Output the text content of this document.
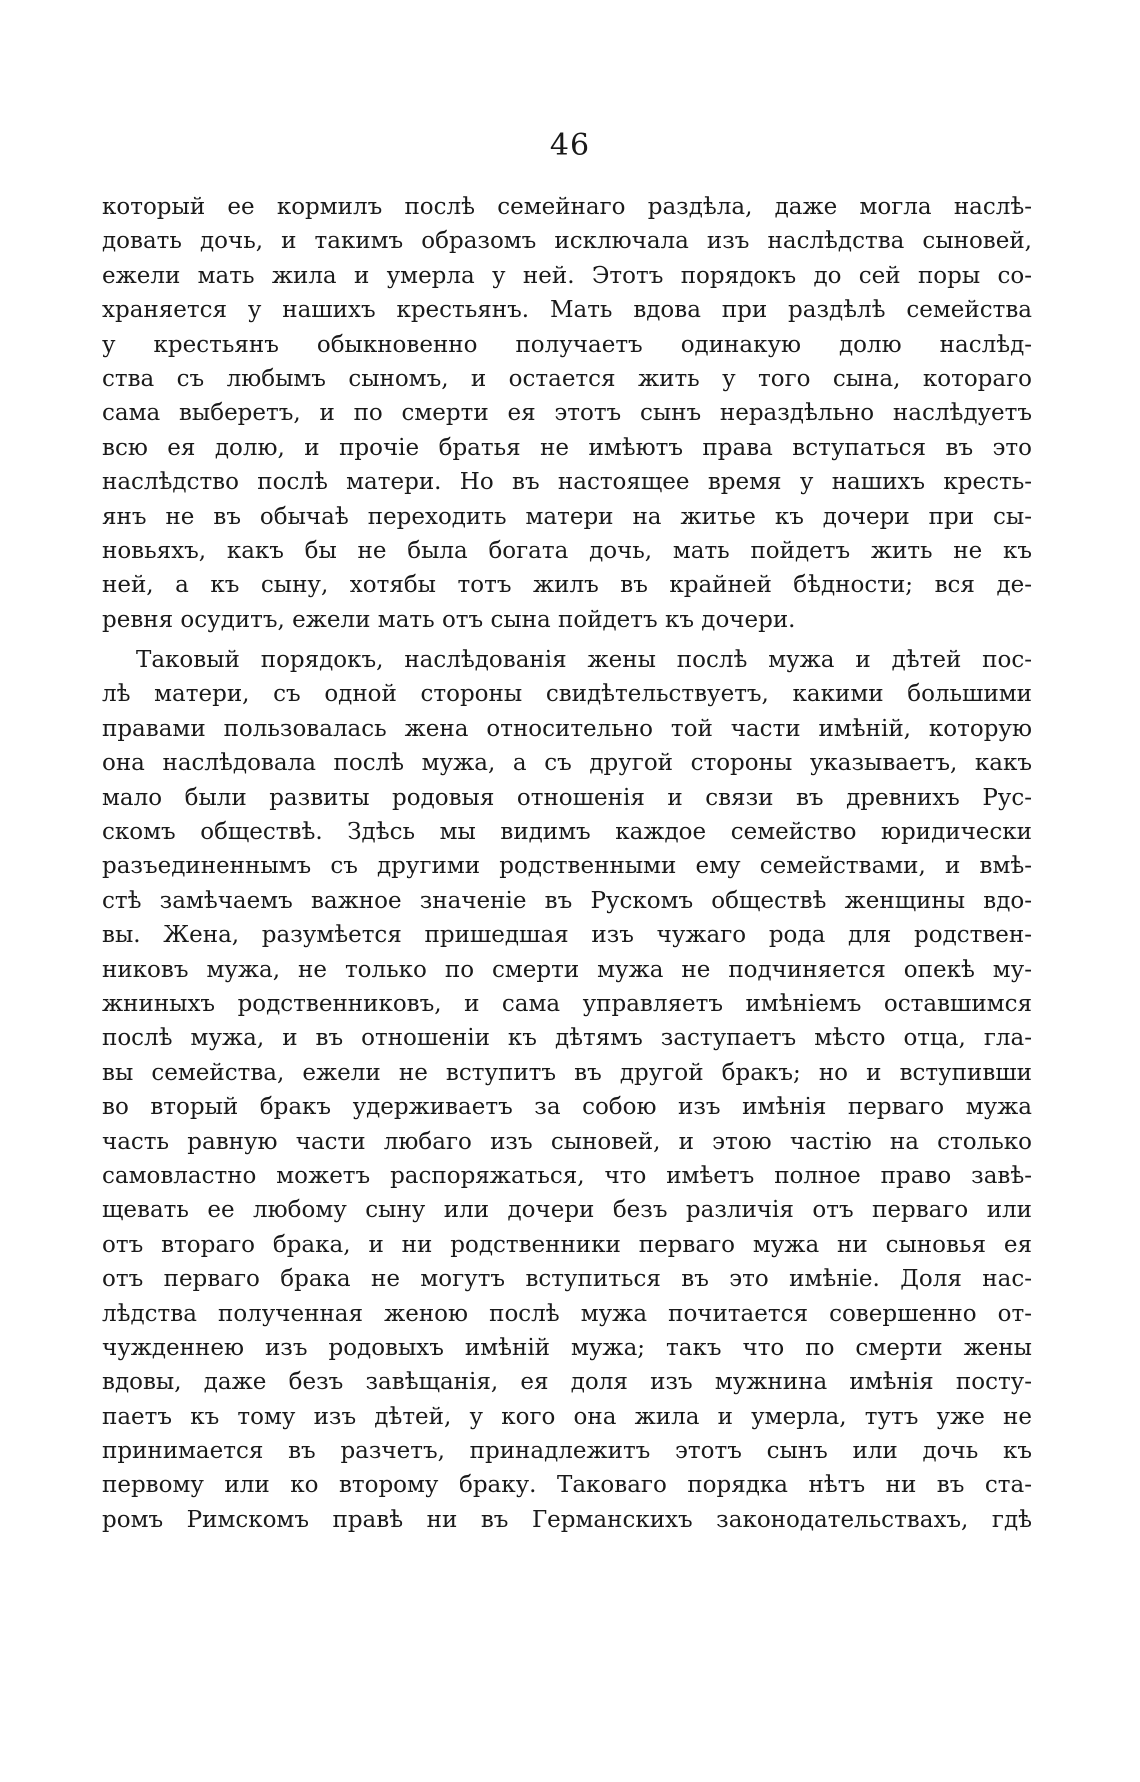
46
который ее кормилъ послѣ семейнаго раздѣла, даже могла наслѣ-
довать дочь, и такимъ образомъ исключала изъ наслѣдства сыновей,
ежели мать жила и умерла у ней. Этотъ порядокъ до сей поры со-
храняется у нашихъ крестьянъ. Мать вдова при раздѣлѣ семейства
у крестьянъ обыкновенно получаетъ одинакую долю наслѣд-
ства съ любымъ сыномъ, и остается жить у того сына, котораго
сама выберетъ, и по смерти ея этотъ сынъ нераздѣльно наслѣдуетъ
всю ея долю, и прочіе братья не имѣютъ права вступаться въ это
наслѣдство послѣ матери. Но въ настоящее время у нашихъ кресть-
янъ не въ обычаѣ переходить матери на житье къ дочери при сы-
новьяхъ, какъ бы не была богата дочь, мать пойдетъ жить не къ
ней, а къ сыну, хотябы тотъ жилъ въ крайней бѣдности; вся де-
ревня осудитъ, ежели мать отъ сына пойдетъ къ дочери.
Таковый порядокъ, наслѣдованія жены послѣ мужа и дѣтей пос-
лѣ матери, съ одной стороны свидѣтельствуетъ, какими большими
правами пользовалась жена относительно той части имѣній, которую
она наслѣдовала послѣ мужа, а съ другой стороны указываетъ, какъ
мало были развиты родовыя отношенія и связи въ древнихъ Рус-
скомъ обществѣ. Здѣсь мы видимъ каждое семейство юридически
разъединеннымъ съ другими родственными ему семействами, и вмѣ-
стѣ замѣчаемъ важное значеніе въ Рускомъ обществѣ женщины вдо-
вы. Жена, разумѣется пришедшая изъ чужаго рода для родствен-
никовъ мужа, не только по смерти мужа не подчиняется опекѣ му-
жниныхъ родственниковъ, и сама управляетъ имѣніемъ оставшимся
послѣ мужа, и въ отношеніи къ дѣтямъ заступаетъ мѣсто отца, гла-
вы семейства, ежели не вступитъ въ другой бракъ; но и вступивши
во вторый бракъ удерживаетъ за собою изъ имѣнія перваго мужа
часть равную части любаго изъ сыновей, и этою частію на столько
самовластно можетъ распоряжаться, что имѣетъ полное право завѣ-
щевать ее любому сыну или дочери безъ различія отъ перваго или
отъ втораго брака, и ни родственники перваго мужа ни сыновья ея
отъ перваго брака не могутъ вступиться въ это имѣніе. Доля нас-
лѣдства полученная женою послѣ мужа почитается совершенно от-
чужденнею изъ родовыхъ имѣній мужа; такъ что по смерти жены
вдовы, даже безъ завѣщанія, ея доля изъ мужнина имѣнія посту-
паетъ къ тому изъ дѣтей, у кого она жила и умерла, тутъ уже не
принимается въ разчетъ, принадлежитъ этотъ сынъ или дочь къ
первому или ко второму браку. Таковаго порядка нѣтъ ни въ ста-
ромъ Римскомъ правѣ ни въ Германскихъ законодательствахъ, гдѣ
